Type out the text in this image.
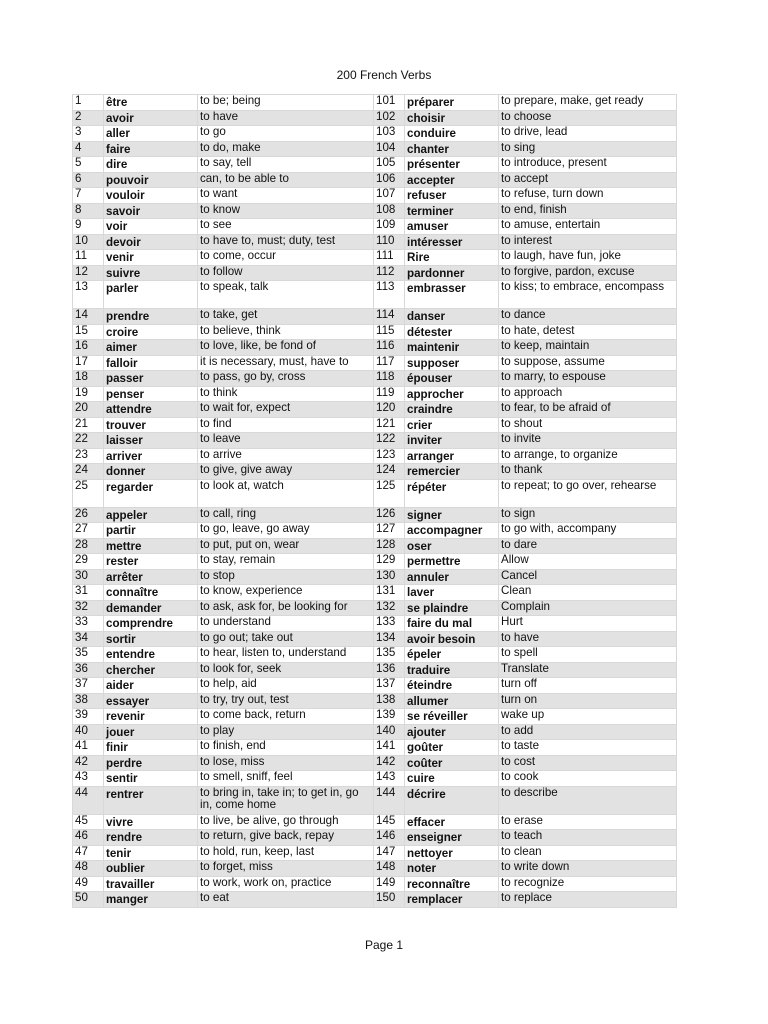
200 French Verbs
1	être	to be; being	101	préparer	to prepare, make, get ready
2	avoir	to have	102	choisir	to choose
3	aller	to go	103	conduire	to drive, lead
4	faire	to do, make	104	chanter	to sing
5	dire	to say, tell	105	présenter	to introduce, present
6	pouvoir	can, to be able to	106	accepter	to accept
7	vouloir	to want	107	refuser	to refuse, turn down
8	savoir	to know	108	terminer	to end, finish
9	voir	to see	109	amuser	to amuse, entertain
10	devoir	to have to, must; duty, test	110	intéresser	to interest
11	venir	to come, occur	111	Rire	to laugh, have fun, joke
12	suivre	to follow	112	pardonner	to forgive, pardon, excuse
13	parler	to speak, talk	113	embrasser	to kiss; to embrace, encompass
14	prendre	to take, get	114	danser	to dance
15	croire	to believe, think	115	détester	to hate, detest
16	aimer	to love, like, be fond of	116	maintenir	to keep, maintain
17	falloir	it is necessary, must, have to	117	supposer	to suppose, assume
18	passer	to pass, go by, cross	118	épouser	to marry, to espouse
19	penser	to think	119	approcher	to approach
20	attendre	to wait for, expect	120	craindre	to fear, to be afraid of
21	trouver	to find	121	crier	to shout
22	laisser	to leave	122	inviter	to invite
23	arriver	to arrive	123	arranger	to arrange, to organize
24	donner	to give, give away	124	remercier	to thank
25	regarder	to look at, watch	125	répéter	to repeat; to go over, rehearse
26	appeler	to call, ring	126	signer	to sign
27	partir	to go, leave, go away	127	accompagner	to go with, accompany
28	mettre	to put, put on, wear	128	oser	to dare
29	rester	to stay, remain	129	permettre	Allow
30	arrêter	to stop	130	annuler	Cancel
31	connaître	to know, experience	131	laver	Clean
32	demander	to ask, ask for, be looking for	132	se plaindre	Complain
33	comprendre	to understand	133	faire du mal	Hurt
34	sortir	to go out; take out	134	avoir besoin	to have
35	entendre	to hear, listen to, understand	135	épeler	to spell
36	chercher	to look for, seek	136	traduire	Translate
37	aider	to help, aid	137	éteindre	turn off
38	essayer	to try, try out, test	138	allumer	turn on
39	revenir	to come back, return	139	se réveiller	wake up
40	jouer	to play	140	ajouter	to add
41	finir	to finish, end	141	goûter	to taste
42	perdre	to lose, miss	142	coûter	to cost
43	sentir	to smell, sniff, feel	143	cuire	to cook
44	rentrer	to bring in, take in; to get in, go in, come home	144	décrire	to describe
45	vivre	to live, be alive, go through	145	effacer	to erase
46	rendre	to return, give back, repay	146	enseigner	to teach
47	tenir	to hold, run, keep, last	147	nettoyer	to clean
48	oublier	to forget, miss	148	noter	to write down
49	travailler	to work, work on, practice	149	reconnaître	to recognize
50	manger	to eat	150	remplacer	to replace
Page 1
